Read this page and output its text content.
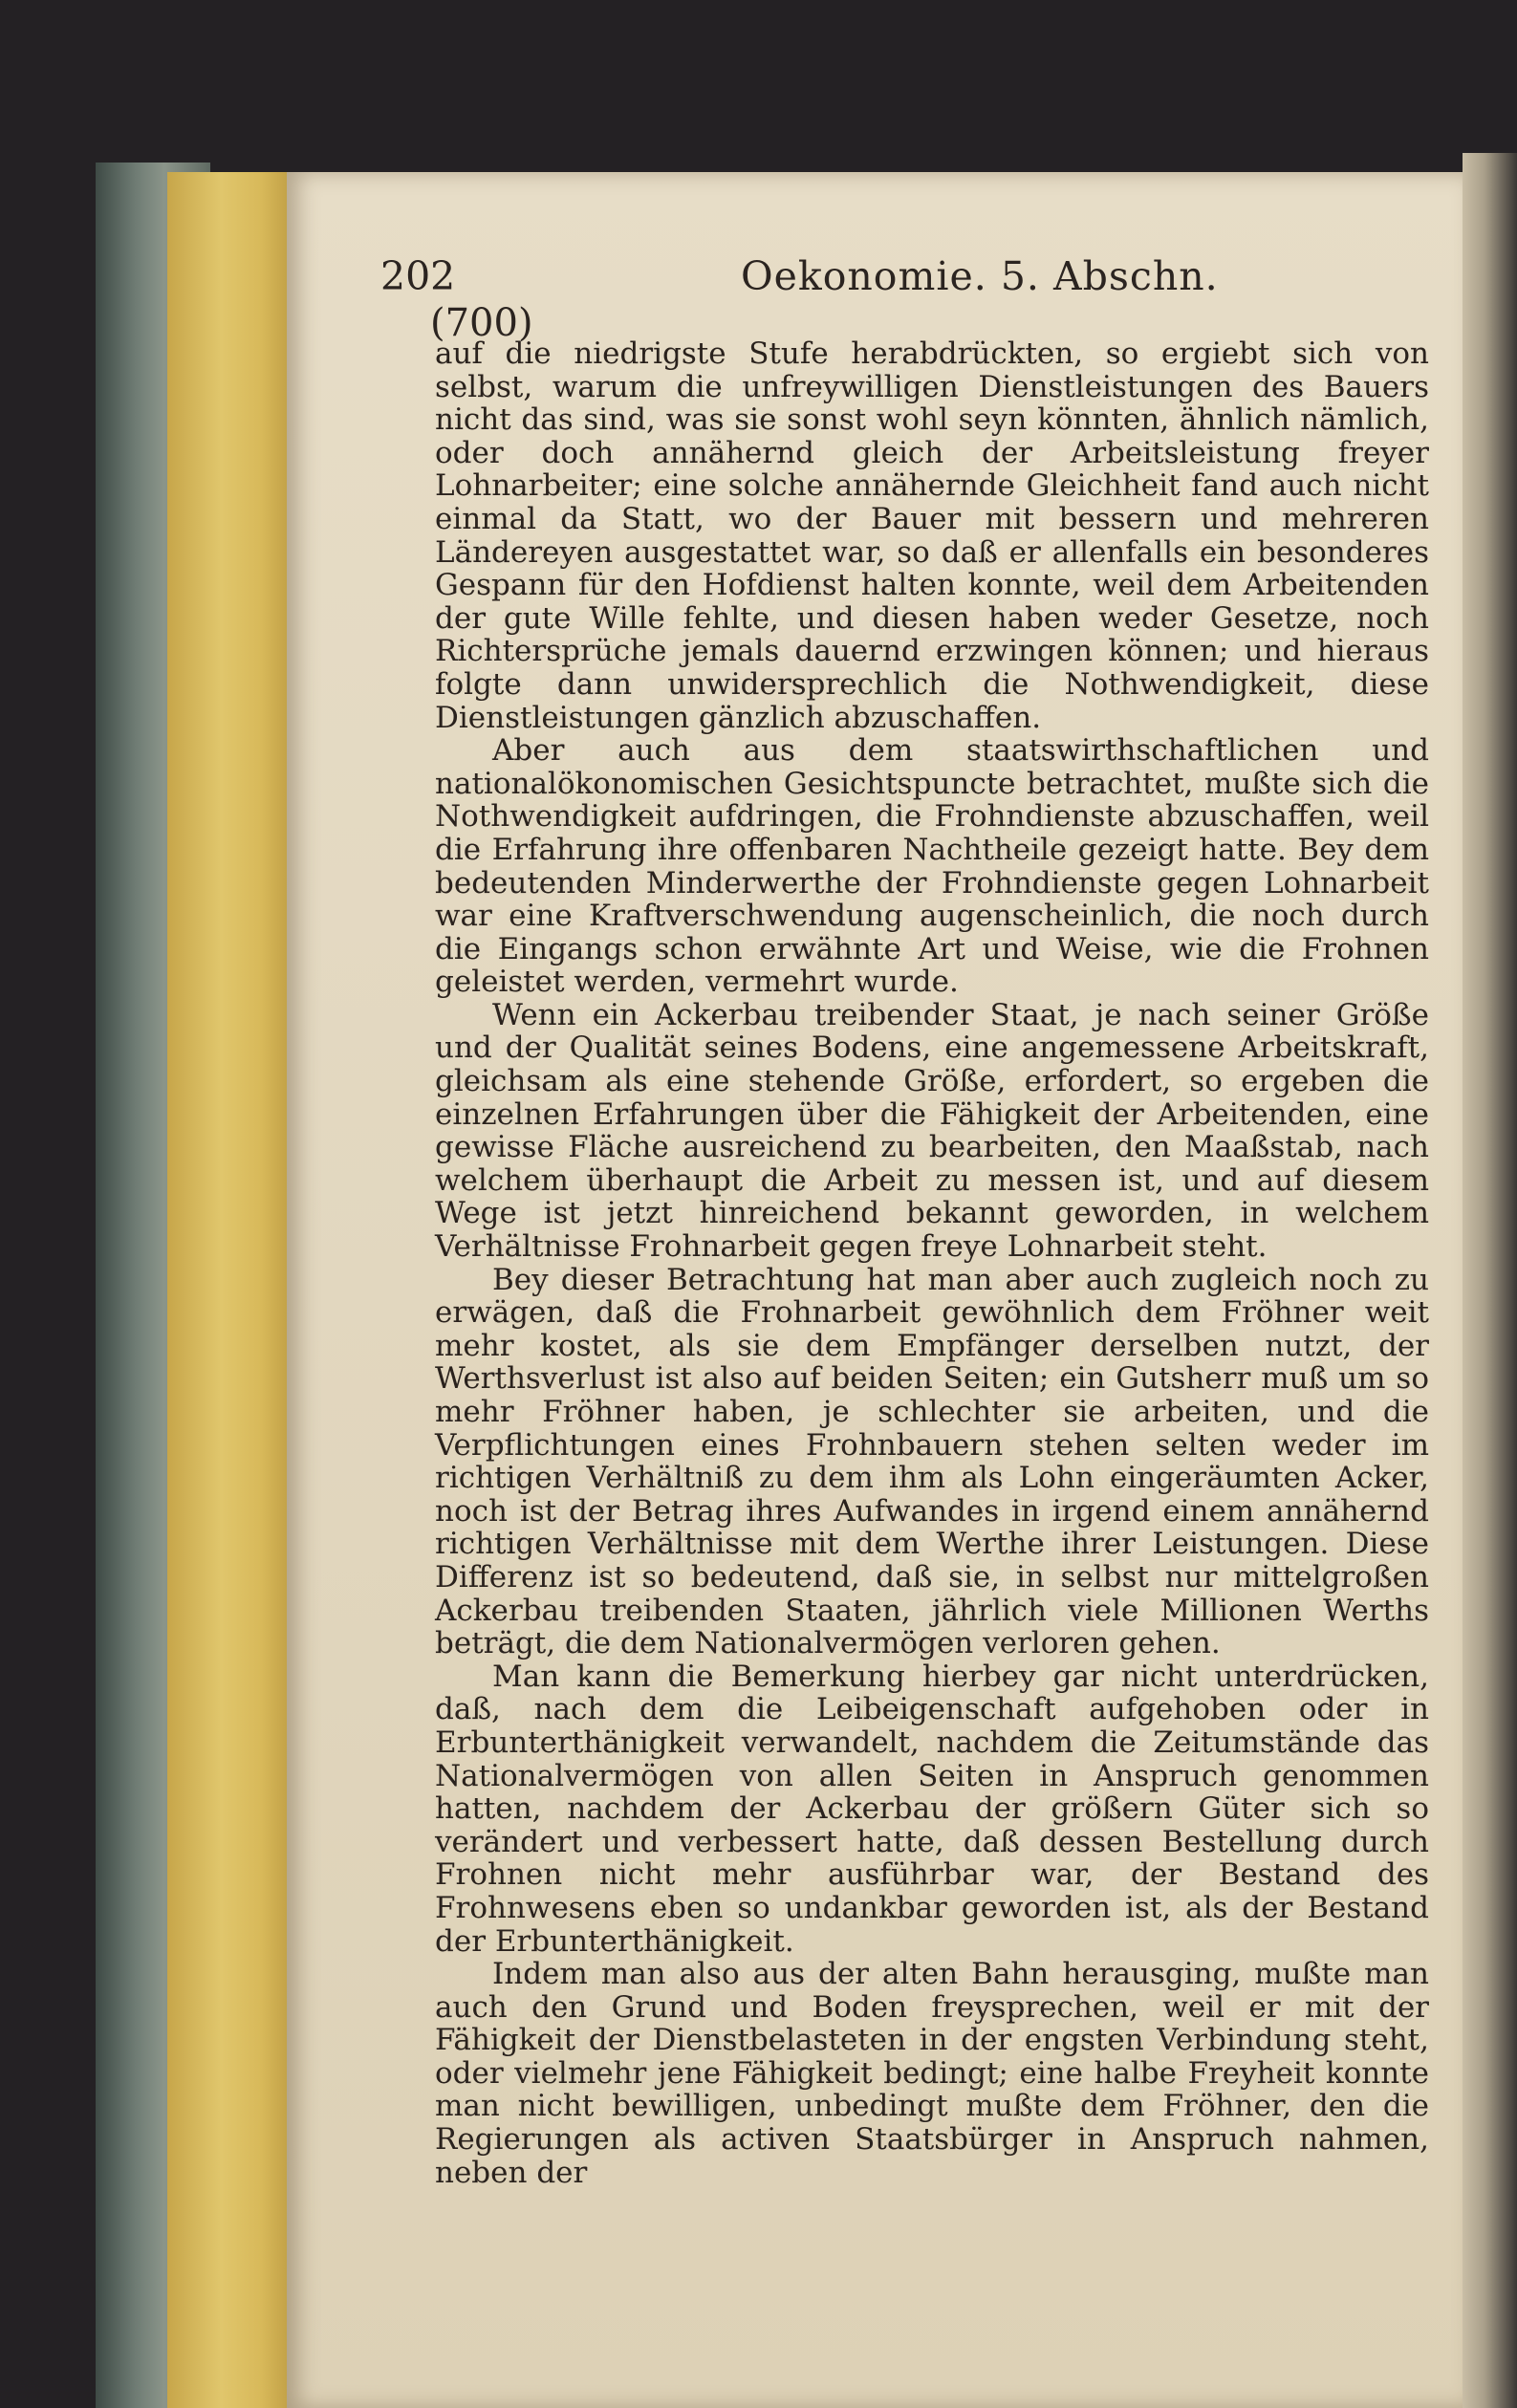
202	Oekonomie. 5. Abschn.
(700)

auf die niedrigste Stufe herabdrückten, so ergiebt sich von selbst, warum die unfreywilligen Dienstleistungen des Bauers nicht das sind, was sie sonst wohl seyn könnten, ähnlich nämlich, oder doch annähernd gleich der Arbeitsleistung freyer Lohnarbeiter; eine solche annähernde Gleichheit fand auch nicht einmal da Statt, wo der Bauer mit bessern und mehreren Ländereyen ausgestattet war, so daß er allenfalls ein besonderes Gespann für den Hofdienst halten konnte, weil dem Arbeitenden der gute Wille fehlte, und diesen haben weder Gesetze, noch Richtersprüche jemals dauernd erzwingen können; und hieraus folgte dann unwidersprechlich die Nothwendigkeit, diese Dienstleistungen gänzlich abzuschaffen.

Aber auch aus dem staatswirthschaftlichen und nationalökonomischen Gesichtspuncte betrachtet, mußte sich die Nothwendigkeit aufdringen, die Frohndienste abzuschaffen, weil die Erfahrung ihre offenbaren Nachtheile gezeigt hatte. Bey dem bedeutenden Minderwerthe der Frohndienste gegen Lohnarbeit war eine Kraftverschwendung augenscheinlich, die noch durch die Eingangs schon erwähnte Art und Weise, wie die Frohnen geleistet werden, vermehrt wurde.

Wenn ein Ackerbau treibender Staat, je nach seiner Größe und der Qualität seines Bodens, eine angemessene Arbeitskraft, gleichsam als eine stehende Größe, erfordert, so ergeben die einzelnen Erfahrungen über die Fähigkeit der Arbeitenden, eine gewisse Fläche ausreichend zu bearbeiten, den Maaßstab, nach welchem überhaupt die Arbeit zu messen ist, und auf diesem Wege ist jetzt hinreichend bekannt geworden, in welchem Verhältnisse Frohnarbeit gegen freye Lohnarbeit steht.

Bey dieser Betrachtung hat man aber auch zugleich noch zu erwägen, daß die Frohnarbeit gewöhnlich dem Fröhner weit mehr kostet, als sie dem Empfänger derselben nutzt, der Werthsverlust ist also auf beiden Seiten; ein Gutsherr muß um so mehr Fröhner haben, je schlechter sie arbeiten, und die Verpflichtungen eines Frohnbauern stehen selten weder im richtigen Verhältniß zu dem ihm als Lohn eingeräumten Acker, noch ist der Betrag ihres Aufwandes in irgend einem annähernd richtigen Verhältnisse mit dem Werthe ihrer Leistungen. Diese Differenz ist so bedeutend, daß sie, in selbst nur mittelgroßen Ackerbau treibenden Staaten, jährlich viele Millionen Werths beträgt, die dem Nationalvermögen verloren gehen.

Man kann die Bemerkung hierbey gar nicht unterdrücken, daß, nach dem die Leibeigenschaft aufgehoben oder in Erbunterthänigkeit verwandelt, nachdem die Zeitumstände das Nationalvermögen von allen Seiten in Anspruch genommen hatten, nachdem der Ackerbau der größern Güter sich so verändert und verbessert hatte, daß dessen Bestellung durch Frohnen nicht mehr ausführbar war, der Bestand des Frohnwesens eben so undankbar geworden ist, als der Bestand der Erbunterthänigkeit.

Indem man also aus der alten Bahn herausging, mußte man auch den Grund und Boden freysprechen, weil er mit der Fähigkeit der Dienstbelasteten in der engsten Verbindung steht, oder vielmehr jene Fähigkeit bedingt; eine halbe Freyheit konnte man nicht bewilligen, unbedingt mußte dem Fröhner, den die Regierungen als activen Staatsbürger in Anspruch nahmen, neben der
